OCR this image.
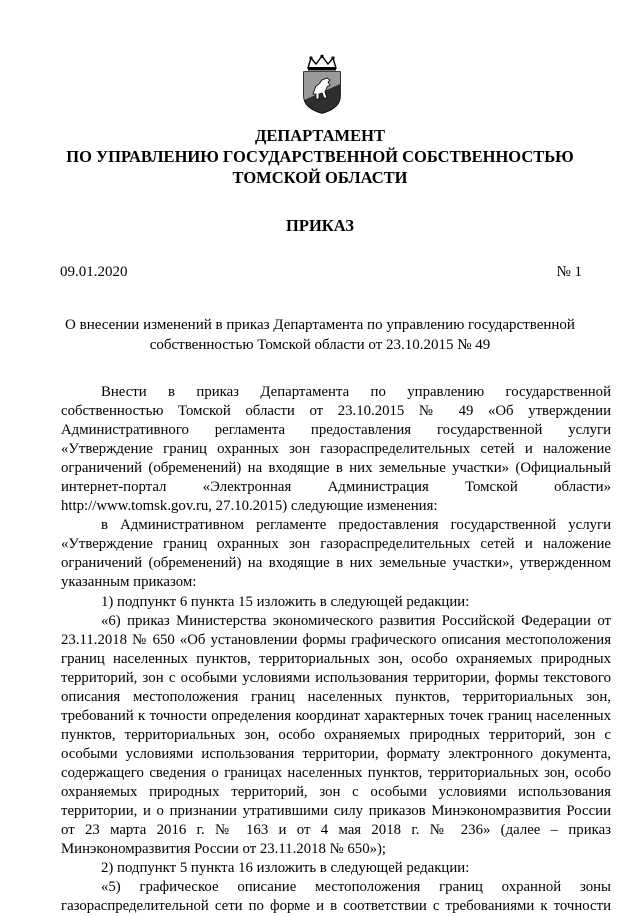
ДЕПАРТАМЕНТ
ПО УПРАВЛЕНИЮ ГОСУДАРСТВЕННОЙ СОБСТВЕННОСТЬЮ
ТОМСКОЙ ОБЛАСТИ
ПРИКАЗ
09.01.2020	№ 1
О внесении изменений в приказ Департамента по управлению государственной
собственностью Томской области от 23.10.2015 № 49

Внести в приказ Департамента по управлению государственной собственностью Томской области от 23.10.2015 № 49 «Об утверждении Административного регламента предоставления государственной услуги «Утверждение границ охранных зон газораспределительных сетей и наложение ограничений (обременений) на входящие в них земельные участки» (Официальный интернет-портал «Электронная Администрация Томской области» http://www.tomsk.gov.ru, 27.10.2015) следующие изменения:

в Административном регламенте предоставления государственной услуги «Утверждение границ охранных зон газораспределительных сетей и наложение ограничений (обременений) на входящие в них земельные участки», утвержденном указанным приказом:

1) подпункт 6 пункта 15 изложить в следующей редакции:

«6) приказ Министерства экономического развития Российской Федерации от 23.11.2018 № 650 «Об установлении формы графического описания местоположения границ населенных пунктов, территориальных зон, особо охраняемых природных территорий, зон с особыми условиями использования территории, формы текстового описания местоположения границ населенных пунктов, территориальных зон, требований к точности определения координат характерных точек границ населенных пунктов, территориальных зон, особо охраняемых природных территорий, зон с особыми условиями использования территории, формату электронного документа, содержащего сведения о границах населенных пунктов, территориальных зон, особо охраняемых природных территорий, зон с особыми условиями использования территории, и о признании утратившими силу приказов Минэкономразвития России от 23 марта 2016 г. № 163 и от 4 мая 2018 г. № 236» (далее – приказ Минэкономразвития России от 23.11.2018 № 650»);

2) подпункт 5 пункта 16 изложить в следующей редакции:

«5) графическое описание местоположения границ охранной зоны газораспределительной сети по форме и в соответствии с требованиями к точности
